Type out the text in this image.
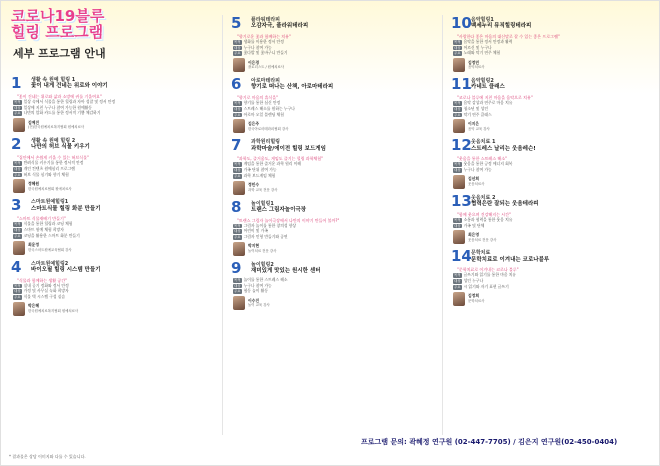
코로나19블루
힐링 프로그램
세부 프로그램 안내
1 생활 속 원예 힐링 1
꽃이 내게 건네는 위로와 이야기
"꽃이 건네는 위로와 삶과 소망에 귀를 기울여요"
목적 일상 속에서 식물을 통한 힐링과 자아 성찰 및 정서 안정
대상 일상에 지친 누구나 참여 가능한 원예활동
주요 나만의 압화 카드를 통한 정서적 기쁨 체감하기
김예진
(전)한국원예치료복지협회 원예치료사
2 생활 속 원예 힐링 2
나만의 허브 식물 키우기
"집안에서 손쉽게 키울 수 있는 허브식물"
목적 반려식물 키우기를 통한 정서적 안정
대상 개인 컨텐츠 원예심리 프로그램
주요 허브 식물 심기와 향기 체험
정혜원
한국원예치료협회 원예치료사
3 스마트원예힐링1
스마트식물 힐링 화분 만들기
"스마트 식물재배기 만들기"
목적 식물을 통한 힐링과 코딩 체험
대상 스마트 원예 체험 희망자
주요 코딩을 활용한 스마트 화분 만들기
최윤정
한국스마트원예교육협회 강사
4 스마트원예힐링2
바이오필 힐링 시스템 만들기
"식물과 함께하는 생활 공간"
목적 실내 공기 정화와 정서 안정
대상 가정 및 사무실 녹화 희망자
주요 식물 벽 시스템 구성 실습
박은혜
한국원예치료복지협회 원예치료사
5 플라워테라피
오감자극, 플라워테라피
"향기로운 꽃과 함께하는 치유"
목적 생화를 이용한 정서 안정
대상 누구나 참여 가능
주요 꽃다발 및 꽃바구니 만들기
이은경
플로리스트 / 원예치료사
6 아로마테라피
향기로 떠나는 산책, 아로마테라피
"향기로 마음의 휴식을"
목적 향기를 통한 심신 안정
대상 스트레스 해소를 원하는 누구나
주요 아로마 오일 블렌딩 체험
김은주
한국아로마테라피협회 강사
7 과학원리힐링
과학마술/에이전 힐링 보드게임
"과학도, 즐거움도, 게임도 즐기는 힐링 과학체험"
목적 게임을 통한 즐거운 과학 원리 이해
대상 가족 단위 참여 가능
주요 과학 보드게임 체험
정민수
과학 교육 전문 강사
8 놀이힐링1
트랜스 그림자놀이극장
"트랜스 그림자 놀이극장에서 나만의 이야기 만들어 볼까?"
목적 그림자 놀이를 통한 창의성 향상
대상 어린이 및 가족
주요 그림자 인형 만들기와 공연
박지현
놀이치료 전문 강사
9 놀이힐링2
재미있게 맛있는 원시한 센터
목적 놀이를 통한 스트레스 해소
대상 누구나 참여 가능
주요 협동 놀이 활동
이수진
놀이 교육 강사
10 음악힐링1
백세누리 뮤직힐링테라피
"사랑한다 좋은 마음의 대신말로 잘 수 있는 좋은 프로그램"
목적 음악을 통한 정서 안정과 활력
대상 어르신 및 누구나
주요 노래와 악기 연주 체험
김정민
음악치료사
11 음악힐링2
카네트 클래스
"코로나 블루에 지친 마음을 음악으로 치유"
목적 음악 감상과 연주로 마음 치유
대상 청소년 및 성인
주요 악기 연주 클래스
이지은
음악 교육 강사
12 웃음치료 1
스트레스 날리는 웃음레슨!
"웃음을 통한 스트레스 해소"
목적 웃음을 통한 긍정 에너지 회복
대상 누구나 참여 가능
김선희
웃음치료사
13 웃음치료 2
협력은란 잘되는 웃음테라피
"함께 웃으며 건강해지는 시간"
목적 소통과 협력을 통한 웃음 치유
대상 가족 및 단체
최은영
웃음치료 전문 강사
14 문학치료
문학치료로 이겨내는 코로나블루
"문학치료로 이겨내는 코로나 블루"
목적 글쓰기와 읽기를 통한 마음 치유
대상 성인 누구나
주요 시 읽기와 자기 표현 글쓰기
김정희
문학치료사
프로그램 문의: 곽혜정 연구원 (02-447-7705) / 김은지 연구원(02-450-0404)
* 결과물은 상담 이미지와 다를 수 있습니다.
